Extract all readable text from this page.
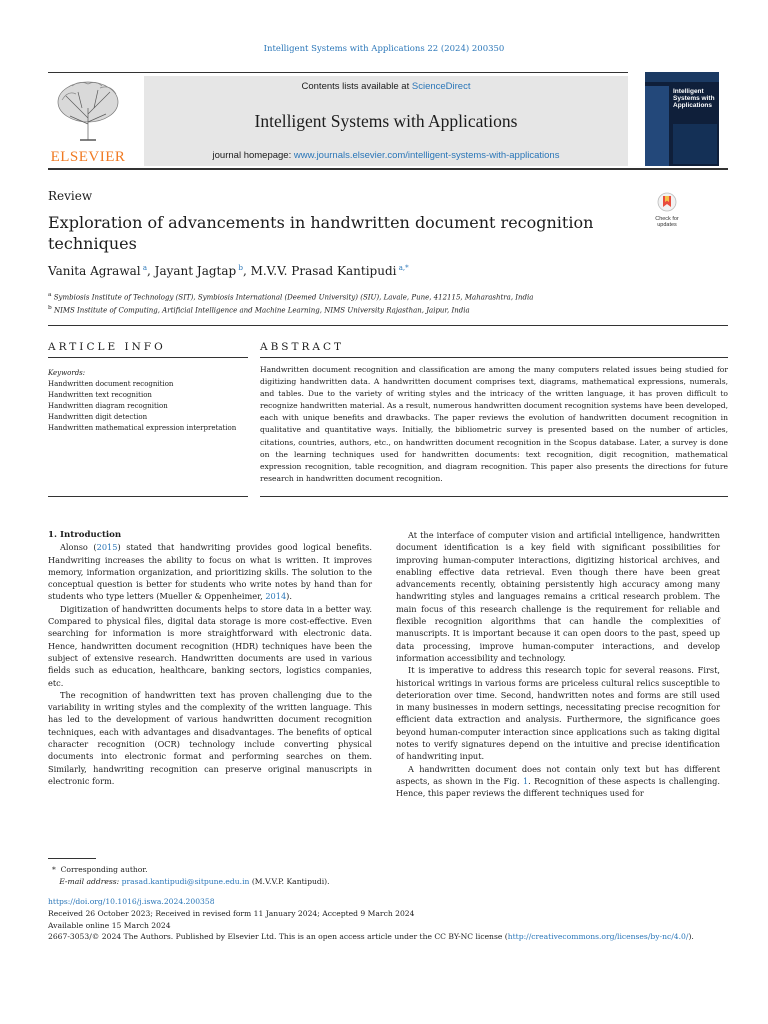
Intelligent Systems with Applications 22 (2024) 200350
ELSEVIER
Contents lists available at ScienceDirect
Intelligent Systems with Applications
journal homepage: www.journals.elsevier.com/intelligent-systems-with-applications
Intelligent Systems with Applications
Review
Exploration of advancements in handwritten document recognition techniques
Check for updates
Vanita Agrawal $^a$, Jayant Jagtap $^b$, M.V.V. Prasad Kantipudi $^{a,*}$
$^a$ Symbiosis Institute of Technology (SIT), Symbiosis International (Deemed University) (SIU), Lavale, Pune, 412115, Maharashtra, India
$^b$ NIMS Institute of Computing, Artificial Intelligence and Machine Learning, NIMS University Rajasthan, Jaipur, India
ARTICLE INFO	ABSTRACT
Keywords:
Handwritten document recognition
Handwritten text recognition
Handwritten diagram recognition
Handwritten digit detection
Handwritten mathematical expression interpretation
Handwritten document recognition and classification are among the many computers related issues being studied for digitizing handwritten data. A handwritten document comprises text, diagrams, mathematical expressions, numerals, and tables. Due to the variety of writing styles and the intricacy of the written language, it has proven difficult to recognize handwritten material. As a result, numerous handwritten document recognition systems have been developed, each with unique benefits and drawbacks. The paper reviews the evolution of handwritten document recognition in qualitative and quantitative ways. Initially, the bibliometric survey is presented based on the number of articles, citations, countries, authors, etc., on handwritten document recognition in the Scopus database. Later, a survey is done on the learning techniques used for handwritten documents: text recognition, digit recognition, mathematical expression recognition, table recognition, and diagram recognition. This paper also presents the directions for future research in handwritten document recognition.

1. Introduction

Alonso (2015) stated that handwriting provides good logical benefits. Handwriting increases the ability to focus on what is written. It improves memory, information organization, and prioritizing skills. The solution to the conceptual question is better for students who write notes by hand than for students who type letters (Mueller & Oppenheimer, 2014).

Digitization of handwritten documents helps to store data in a better way. Compared to physical files, digital data storage is more cost-effective. Even searching for information is more straightforward with electronic data. Hence, handwritten document recognition (HDR) techniques have been the subject of extensive research. Handwritten documents are used in various fields such as education, healthcare, banking sectors, logistics companies, etc.

The recognition of handwritten text has proven challenging due to the variability in writing styles and the complexity of the written language. This has led to the development of various handwritten document recognition techniques, each with advantages and disadvantages. The benefits of optical character recognition (OCR) technology include converting physical documents into electronic format and performing searches on them. Similarly, handwriting recognition can preserve original manuscripts in electronic form.

At the interface of computer vision and artificial intelligence, handwritten document identification is a key field with significant possibilities for improving human-computer interactions, digitizing historical archives, and enabling effective data retrieval. Even though there have been great advancements recently, obtaining persistently high accuracy among many handwriting styles and languages remains a critical research problem. The main focus of this research challenge is the requirement for reliable and flexible recognition algorithms that can handle the complexities of manuscripts. It is important because it can open doors to the past, speed up data processing, improve human-computer interactions, and develop information accessibility and technology.

It is imperative to address this research topic for several reasons. First, historical writings in various forms are priceless cultural relics susceptible to deterioration over time. Second, handwritten notes and forms are still used in many businesses in modern settings, necessitating precise recognition for efficient data extraction and analysis. Furthermore, the significance goes beyond human-computer interaction since applications such as taking digital notes to verify signatures depend on the intuitive and precise identification of handwriting input.

A handwritten document does not contain only text but has different aspects, as shown in the Fig. 1. Recognition of these aspects is challenging. Hence, this paper reviews the different techniques used for

* Corresponding author.
E-mail address: prasad.kantipudi@sitpune.edu.in (M.V.V.P. Kantipudi).
https://doi.org/10.1016/j.iswa.2024.200358
Received 26 October 2023; Received in revised form 11 January 2024; Accepted 9 March 2024
Available online 15 March 2024
2667-3053/© 2024 The Authors. Published by Elsevier Ltd. This is an open access article under the CC BY-NC license (http://creativecommons.org/licenses/by-nc/4.0/).
